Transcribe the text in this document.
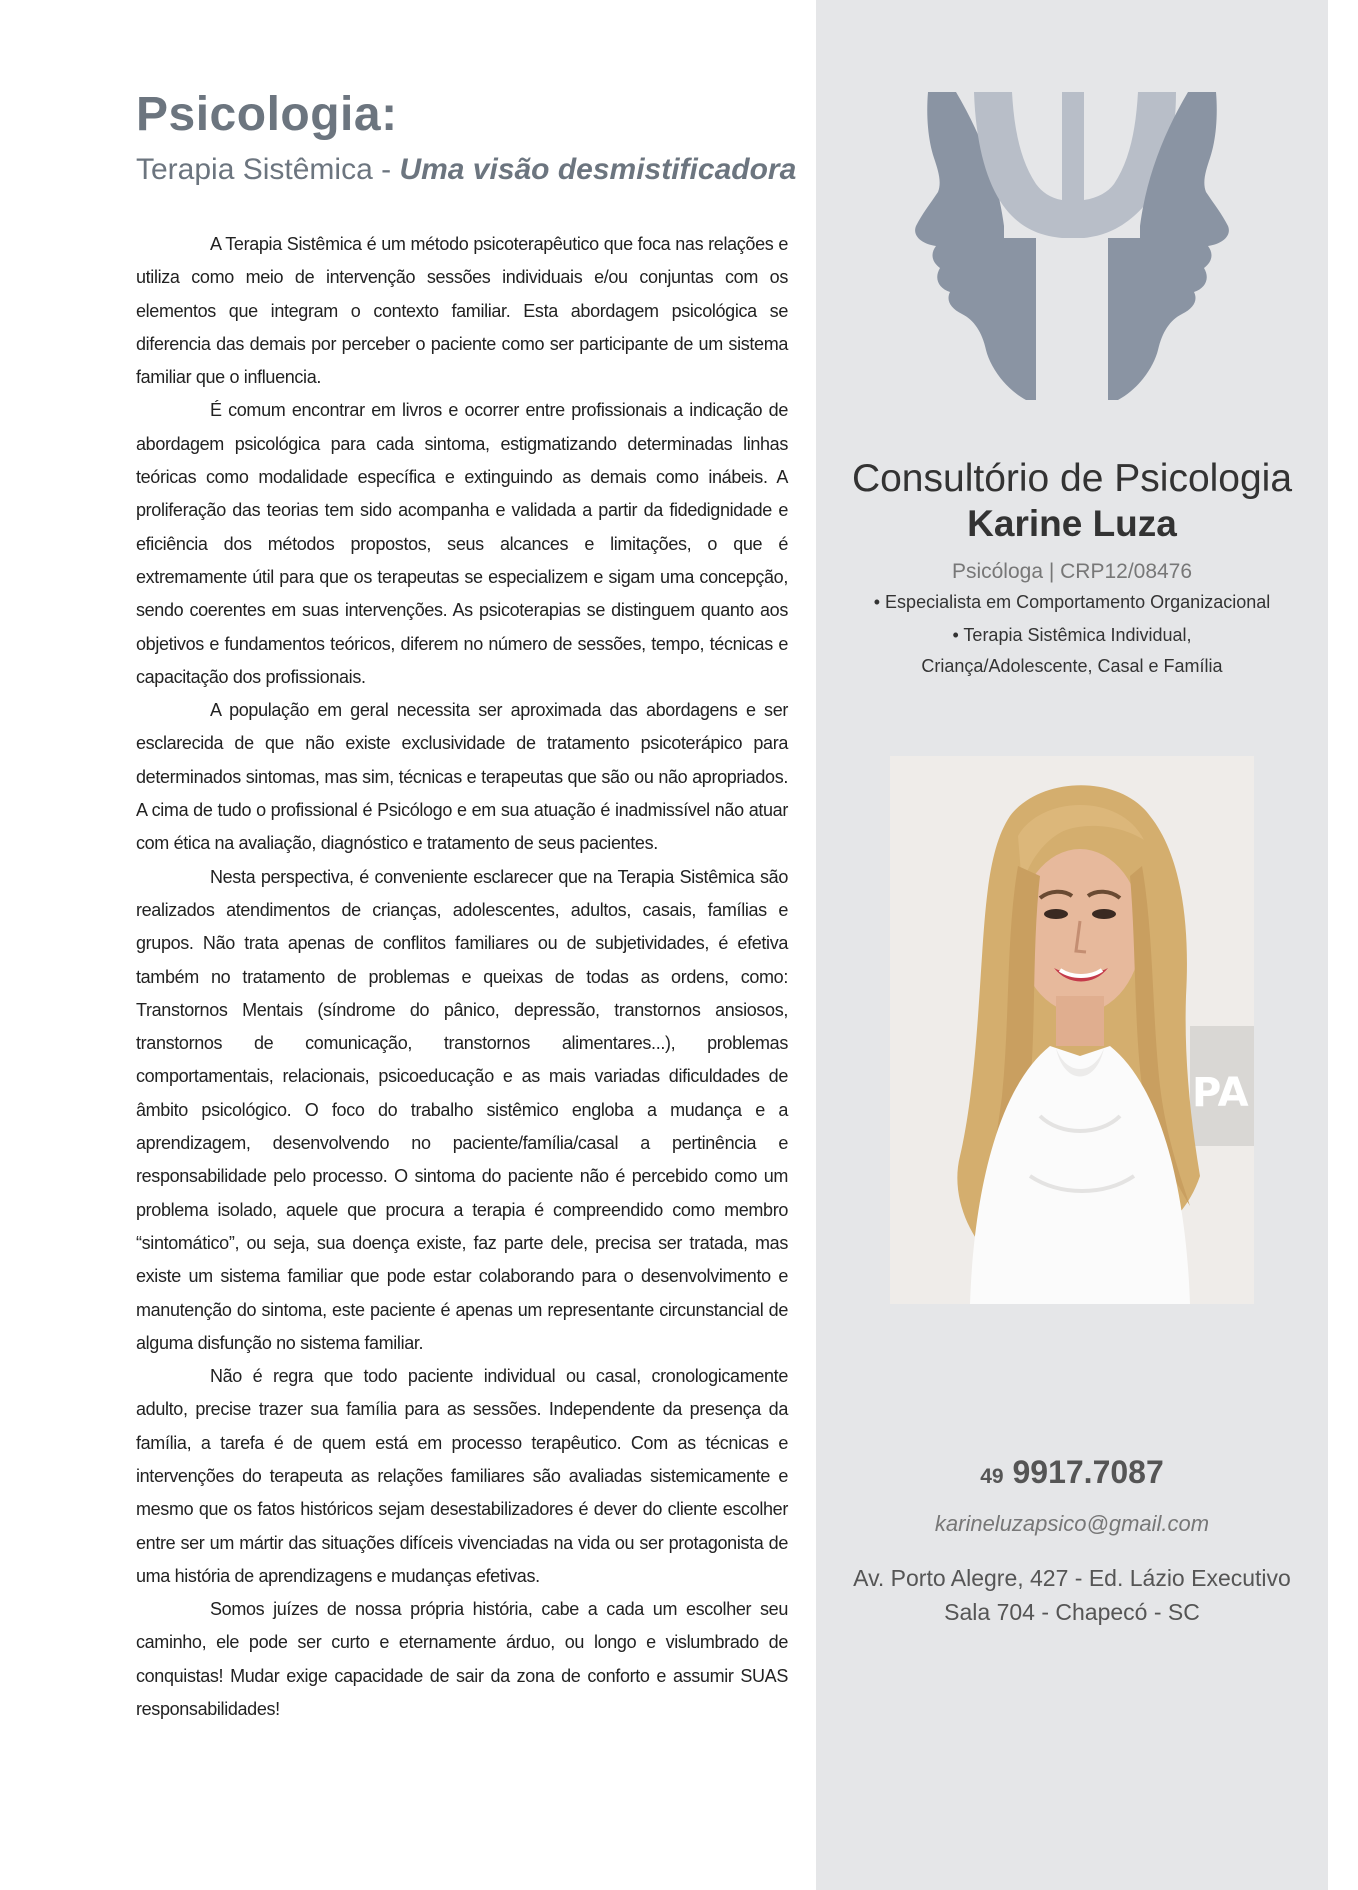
Psicologia:
Terapia Sistêmica - Uma visão desmistificadora

A Terapia Sistêmica é um método psicoterapêutico que foca nas relações e utiliza como meio de intervenção sessões individuais e/ou conjuntas com os elementos que integram o contexto familiar. Esta abordagem psicológica se diferencia das demais por perceber o paciente como ser participante de um sistema familiar que o influencia.

É comum encontrar em livros e ocorrer entre profissionais a indicação de abordagem psicológica para cada sintoma, estigmatizando determinadas linhas teóricas como modalidade específica e extinguindo as demais como inábeis. A proliferação das teorias tem sido acompanha e validada a partir da fidedignidade e eficiência dos métodos propostos, seus alcances e limitações, o que é extremamente útil para que os terapeutas se especializem e sigam uma concepção, sendo coerentes em suas intervenções. As psicoterapias se distinguem quanto aos objetivos e fundamentos teóricos, diferem no número de sessões, tempo, técnicas e capacitação dos profissionais.

A população em geral necessita ser aproximada das abordagens e ser esclarecida de que não existe exclusividade de tratamento psicoterápico para determinados sintomas, mas sim, técnicas e terapeutas que são ou não apropriados. A cima de tudo o profissional é Psicólogo e em sua atuação é inadmissível não atuar com ética na avaliação, diagnóstico e tratamento de seus pacientes.

Nesta perspectiva, é conveniente esclarecer que na Terapia Sistêmica são realizados atendimentos de crianças, adolescentes, adultos, casais, famílias e grupos. Não trata apenas de conflitos familiares ou de subjetividades, é efetiva também no tratamento de problemas e queixas de todas as ordens, como: Transtornos Mentais (síndrome do pânico, depressão, transtornos ansiosos, transtornos de comunicação, transtornos alimentares...), problemas comportamentais, relacionais, psicoeducação e as mais variadas dificuldades de âmbito psicológico. O foco do trabalho sistêmico engloba a mudança e a aprendizagem, desenvolvendo no paciente/família/casal a pertinência e responsabilidade pelo processo. O sintoma do paciente não é percebido como um problema isolado, aquele que procura a terapia é compreendido como membro “sintomático”, ou seja, sua doença existe, faz parte dele, precisa ser tratada, mas existe um sistema familiar que pode estar colaborando para o desenvolvimento e manutenção do sintoma, este paciente é apenas um representante circunstancial de alguma disfunção no sistema familiar.

Não é regra que todo paciente individual ou casal, cronologicamente adulto, precise trazer sua família para as sessões. Independente da presença da família, a tarefa é de quem está em processo terapêutico. Com as técnicas e intervenções do terapeuta as relações familiares são avaliadas sistemicamente e mesmo que os fatos históricos sejam desestabilizadores é dever do cliente escolher entre ser um mártir das situações difíceis vivenciadas na vida ou ser protagonista de uma história de aprendizagens e mudanças efetivas.

Somos juízes de nossa própria história, cabe a cada um escolher seu caminho, ele pode ser curto e eternamente árduo, ou longo e vislumbrado de conquistas! Mudar exige capacidade de sair da zona de conforto e assumir SUAS responsabilidades!

Consultório de Psicologia
Karine Luza
Psicóloga | CRP12/08476
• Especialista em Comportamento Organizacional
• Terapia Sistêmica Individual,
Criança/Adolescente, Casal e Família
PA
49 9917.7087
karineluzapsico@gmail.com
Av. Porto Alegre, 427 - Ed. Lázio Executivo
Sala 704 - Chapecó - SC
